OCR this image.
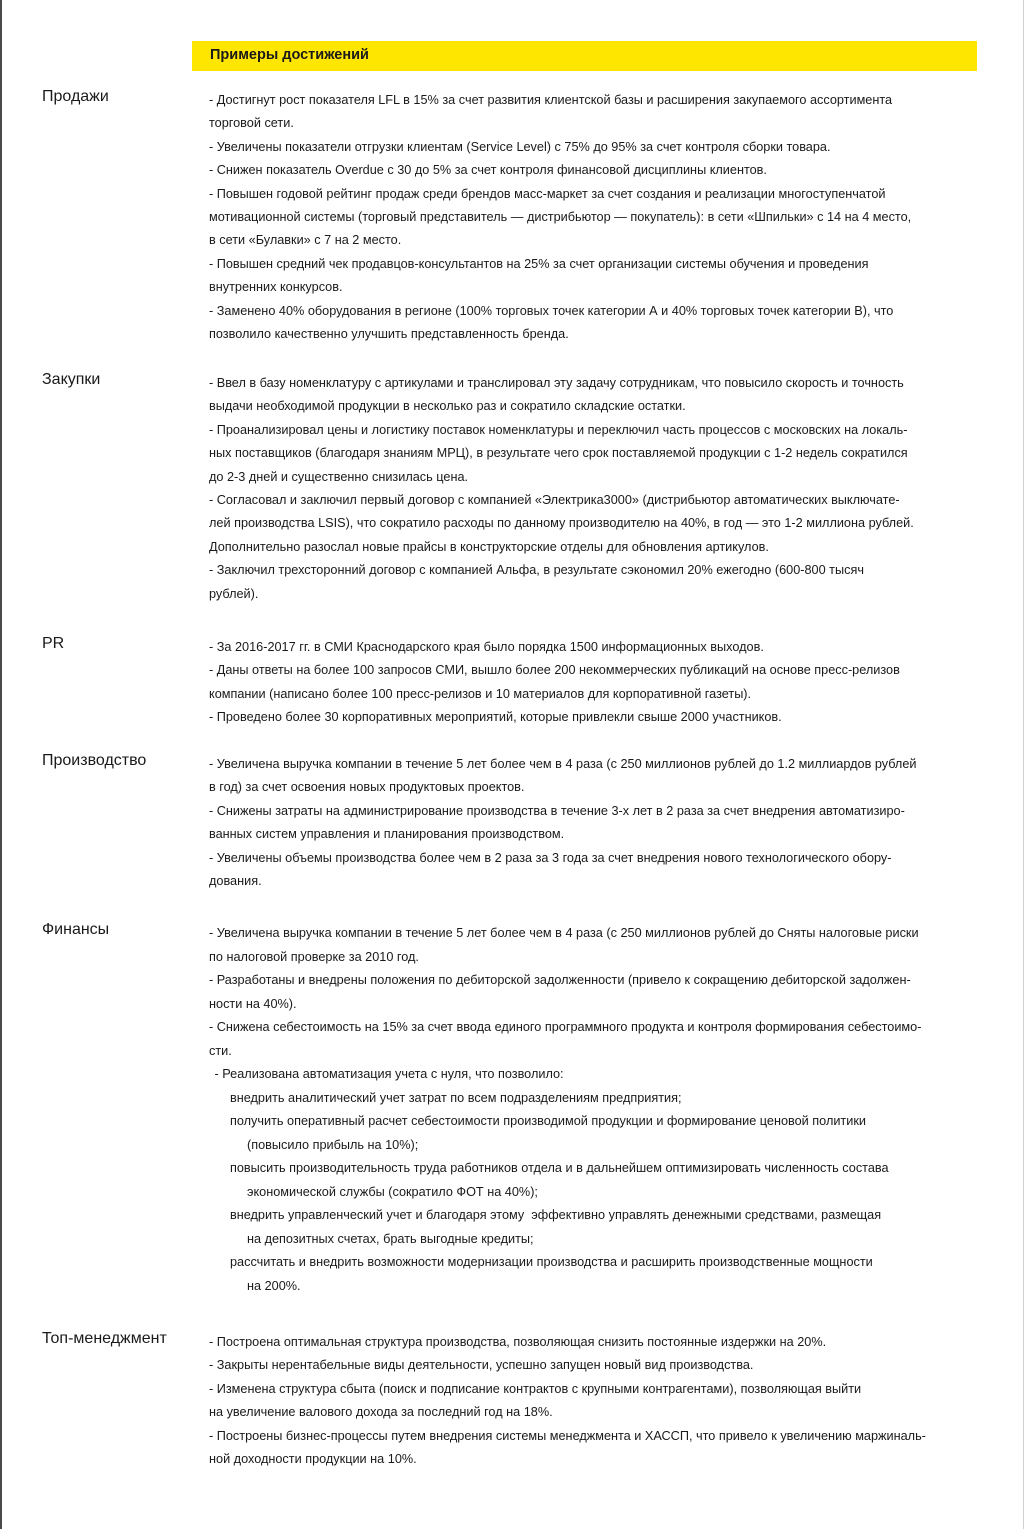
Примеры достижений
Продажи	- Достигнут рост показателя LFL в 15% за счет развития клиентской базы и расширения закупаемого ассортимента
торговой сети.
- Увеличены показатели отгрузки клиентам (Service Level) с 75% до 95% за счет контроля сборки товара.
- Снижен показатель Overdue с 30 до 5% за счет контроля финансовой дисциплины клиентов.
- Повышен годовой рейтинг продаж среди брендов масс-маркет за счет создания и реализации многоступенчатой
мотивационной системы (торговый представитель — дистрибьютор — покупатель): в сети «Шпильки» с 14 на 4 место,
в сети «Булавки» с 7 на 2 место.
- Повышен средний чек продавцов-консультантов на 25% за счет организации системы обучения и проведения
внутренних конкурсов.
- Заменено 40% оборудования в регионе (100% торговых точек категории А и 40% торговых точек категории В), что
позволило качественно улучшить представленность бренда.
Закупки	- Ввел в базу номенклатуру с артикулами и транслировал эту задачу сотрудникам, что повысило скорость и точность
выдачи необходимой продукции в несколько раз и сократило складские остатки.
- Проанализировал цены и логистику поставок номенклатуры и переключил часть процессов с московских на локаль-
ных поставщиков (благодаря знаниям МРЦ), в результате чего срок поставляемой продукции с 1-2 недель сократился
до 2-3 дней и существенно снизилась цена.
- Согласовал и заключил первый договор с компанией «Электрика3000» (дистрибьютор автоматических выключате-
лей производства LSIS), что сократило расходы по данному производителю на 40%, в год — это 1-2 миллиона рублей.
Дополнительно разослал новые прайсы в конструкторские отделы для обновления артикулов.
- Заключил трехсторонний договор с компанией Альфа, в результате сэкономил 20% ежегодно (600-800 тысяч
рублей).
PR	- За 2016-2017 гг. в СМИ Краснодарского края было порядка 1500 информационных выходов.
- Даны ответы на более 100 запросов СМИ, вышло более 200 некоммерческих публикаций на основе пресс-релизов
компании (написано более 100 пресс-релизов и 10 материалов для корпоративной газеты).
- Проведено более 30 корпоративных мероприятий, которые привлекли свыше 2000 участников.
Производство	- Увеличена выручка компании в течение 5 лет более чем в 4 раза (с 250 миллионов рублей до 1.2 миллиардов рублей
в год) за счет освоения новых продуктовых проектов.
- Снижены затраты на администрирование производства в течение 3-х лет в 2 раза за счет внедрения автоматизиро-
ванных систем управления и планирования производством.
- Увеличены объемы производства более чем в 2 раза за 3 года за счет внедрения нового технологического обору-
дования.
Финансы	- Увеличена выручка компании в течение 5 лет более чем в 4 раза (с 250 миллионов рублей до Сняты налоговые риски
по налоговой проверке за 2010 год.
- Разработаны и внедрены положения по дебиторской задолженности (привело к сокращению дебиторской задолжен-
ности на 40%).
- Снижена себестоимость на 15% за счет ввода единого программного продукта и контроля формирования себестоимо-
сти.
- Реализована автоматизация учета с нуля, что позволило:
внедрить аналитический учет затрат по всем подразделениям предприятия;
получить оперативный расчет себестоимости производимой продукции и формирование ценовой политики
(повысило прибыль на 10%);
повысить производительность труда работников отдела и в дальнейшем оптимизировать численность состава
экономической службы (сократило ФОТ на 40%);
внедрить управленческий учет и благодаря этому  эффективно управлять денежными средствами, размещая
на депозитных счетах, брать выгодные кредиты;
рассчитать и внедрить возможности модернизации производства и расширить производственные мощности
на 200%.
Топ-менеджмент	- Построена оптимальная структура производства, позволяющая снизить постоянные издержки на 20%.
- Закрыты нерентабельные виды деятельности, успешно запущен новый вид производства.
- Изменена структура сбыта (поиск и подписание контрактов с крупными контрагентами), позволяющая выйти
на увеличение валового дохода за последний год на 18%.
- Построены бизнес-процессы путем внедрения системы менеджмента и ХАССП, что привело к увеличению маржиналь-
ной доходности продукции на 10%.
